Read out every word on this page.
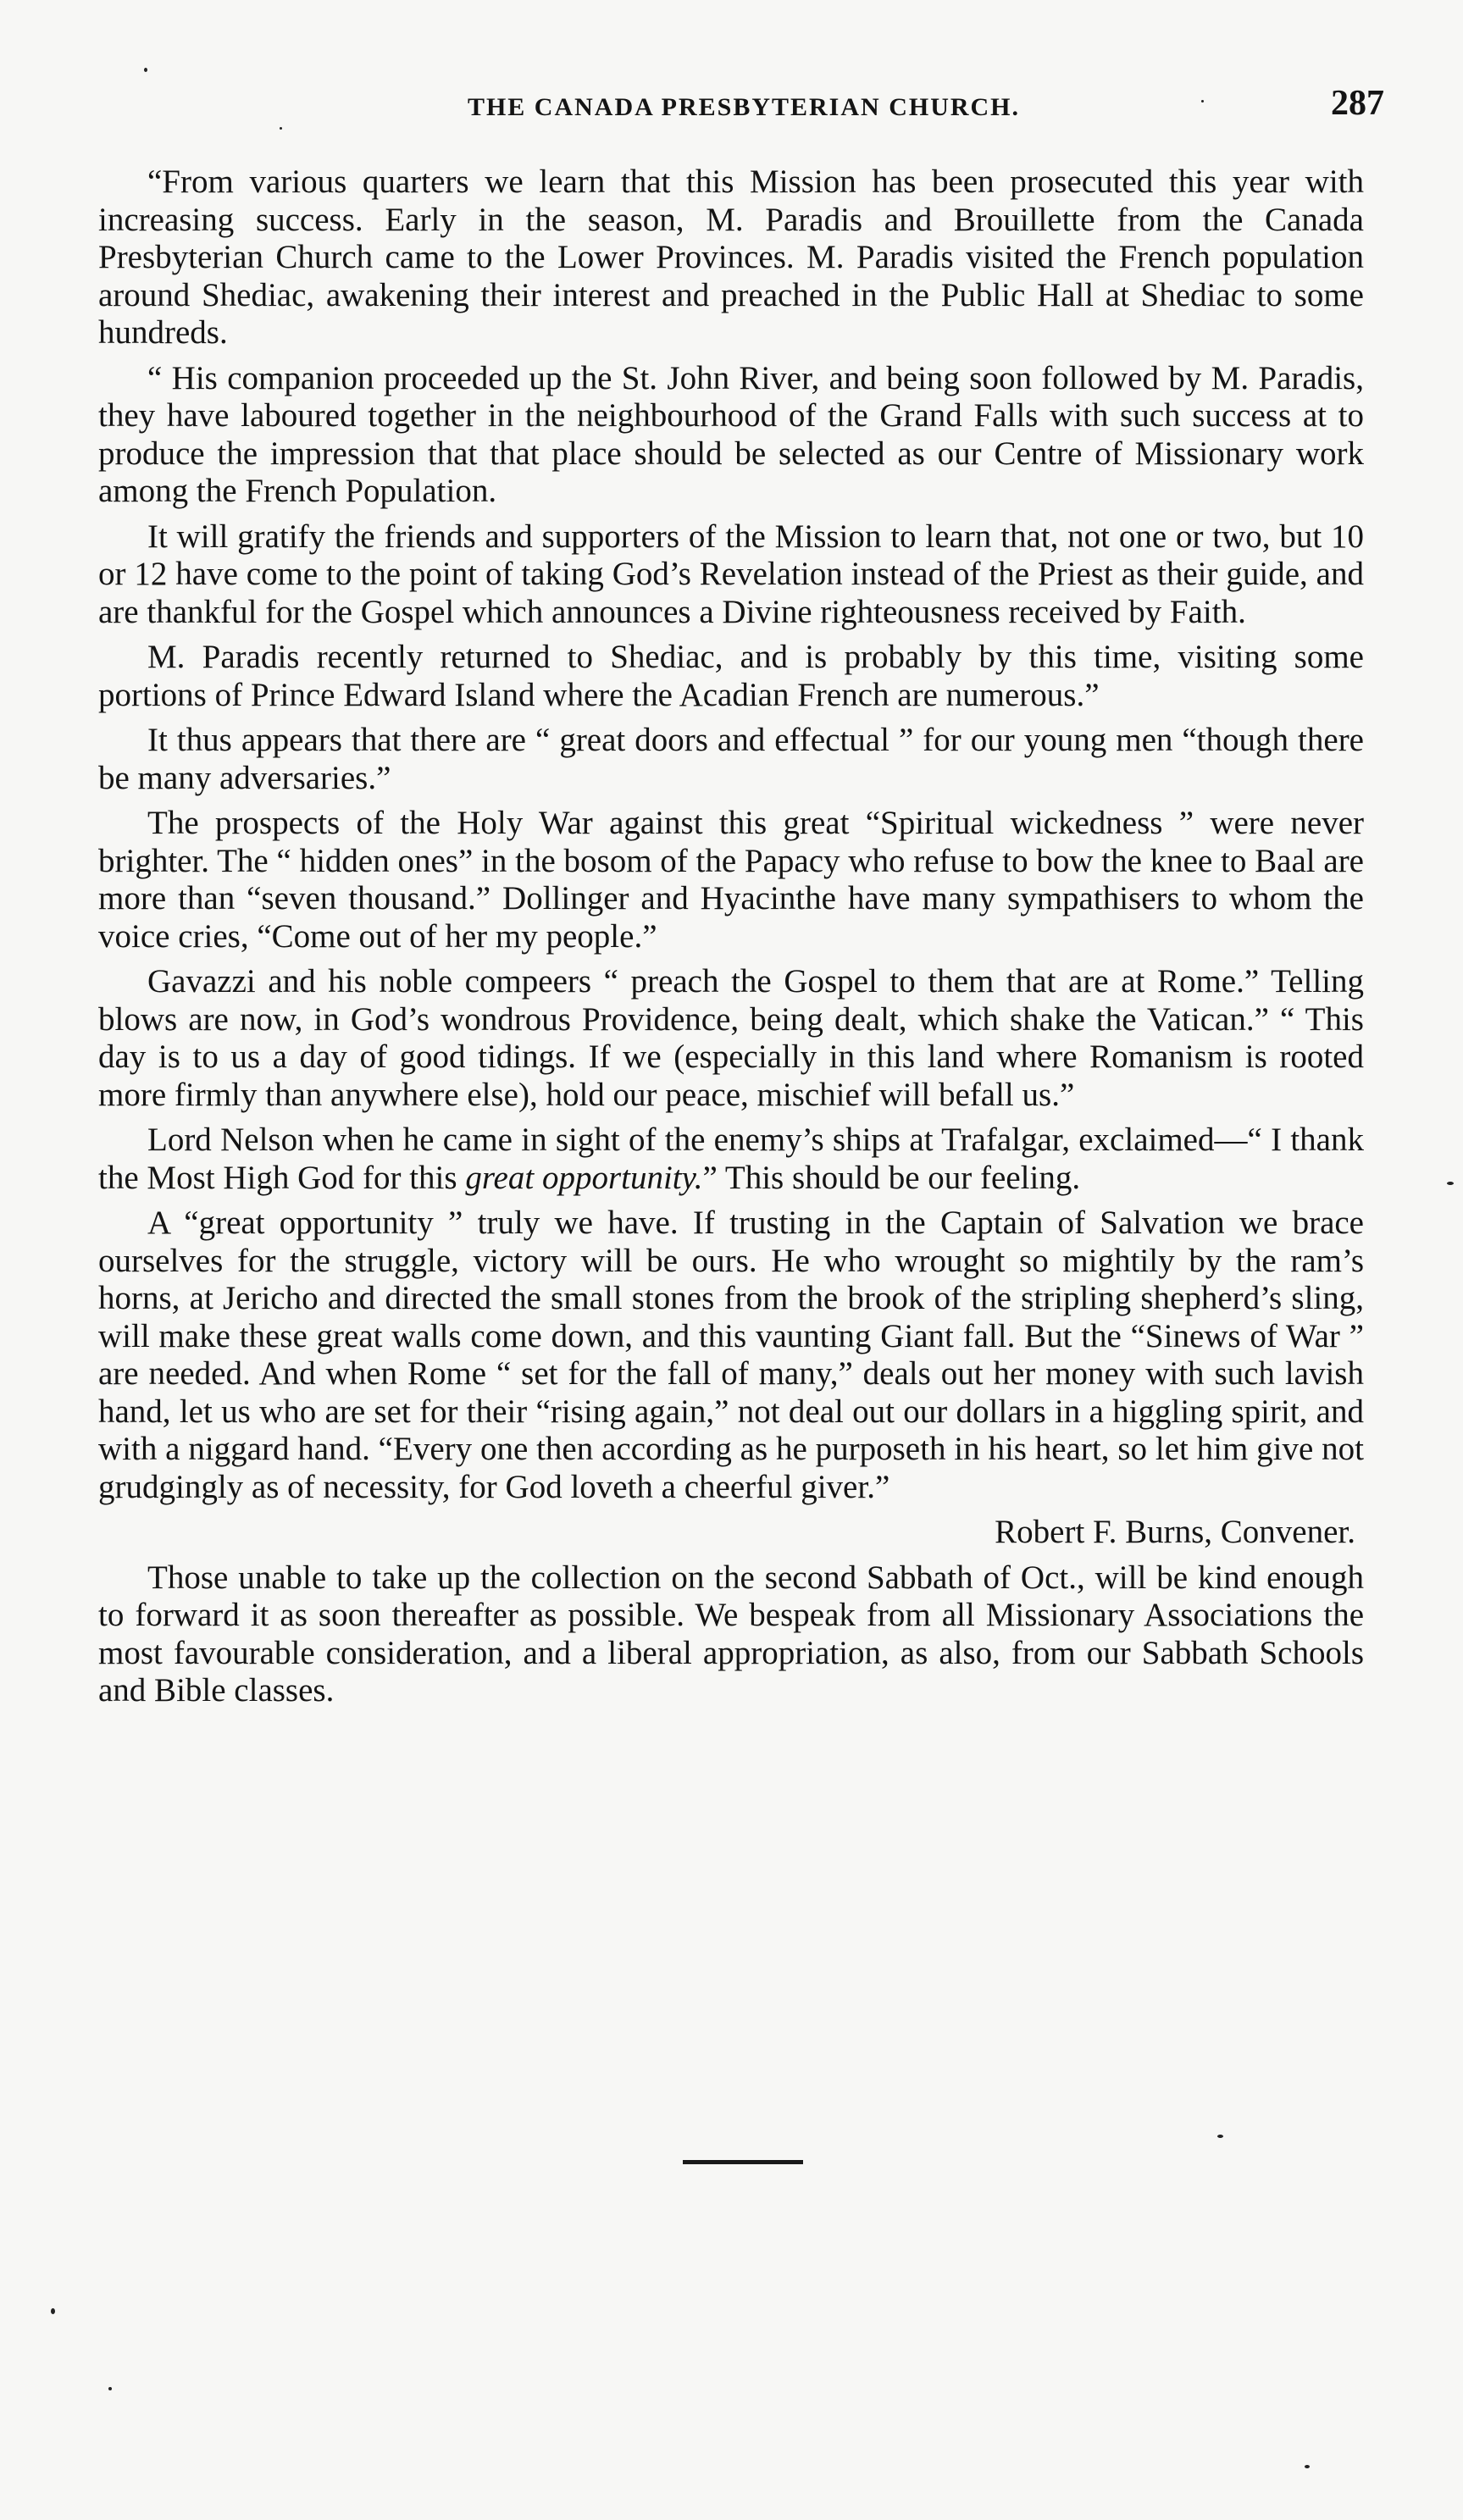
THE CANADA PRESBYTERIAN CHURCH.	287

“From various quarters we learn that this Mission has been prosecuted this year with increasing success. Early in the season, M. Paradis and Brouillette from the Canada Presbyterian Church came to the Lower Provinces. M. Paradis visited the French population around Shediac, awakening their interest and preached in the Public Hall at Shediac to some hundreds.

“ His companion proceeded up the St. John River, and being soon followed by M. Paradis, they have laboured together in the neighbourhood of the Grand Falls with such success at to produce the impression that that place should be selected as our Centre of Missionary work among the French Population.

It will gratify the friends and supporters of the Mission to learn that, not one or two, but 10 or 12 have come to the point of taking God’s Revelation instead of the Priest as their guide, and are thankful for the Gospel which announces a Divine righteousness received by Faith.

M. Paradis recently returned to Shediac, and is probably by this time, visiting some portions of Prince Edward Island where the Acadian French are numerous.”

It thus appears that there are “ great doors and effectual ” for our young men “though there be many adversaries.”

The prospects of the Holy War against this great “Spiritual wickedness ” were never brighter. The “ hidden ones” in the bosom of the Papacy who refuse to bow the knee to Baal are more than “seven thousand.” Dollinger and Hyacinthe have many sympathisers to whom the voice cries, “Come out of her my people.”

Gavazzi and his noble compeers “ preach the Gospel to them that are at Rome.” Telling blows are now, in God’s wondrous Providence, being dealt, which shake the Vatican.” “ This day is to us a day of good tidings. If we (especially in this land where Romanism is rooted more firmly than anywhere else), hold our peace, mischief will befall us.”

Lord Nelson when he came in sight of the enemy’s ships at Trafalgar, exclaimed—“ I thank the Most High God for this great opportunity.” This should be our feeling.

A “great opportunity ” truly we have. If trusting in the Captain of Salvation we brace ourselves for the struggle, victory will be ours. He who wrought so mightily by the ram’s horns, at Jericho and directed the small stones from the brook of the stripling shepherd’s sling, will make these great walls come down, and this vaunting Giant fall. But the “Sinews of War ” are needed. And when Rome “ set for the fall of many,” deals out her money with such lavish hand, let us who are set for their “rising again,” not deal out our dollars in a higgling spirit, and with a niggard hand. “Every one then according as he purposeth in his heart, so let him give not grudgingly as of necessity, for God loveth a cheerful giver.”

Robert F. Burns, Convener.

Those unable to take up the collection on the second Sabbath of Oct., will be kind enough to forward it as soon thereafter as possible. We bespeak from all Missionary Associations the most favourable consideration, and a liberal appropriation, as also, from our Sabbath Schools and Bible classes.
